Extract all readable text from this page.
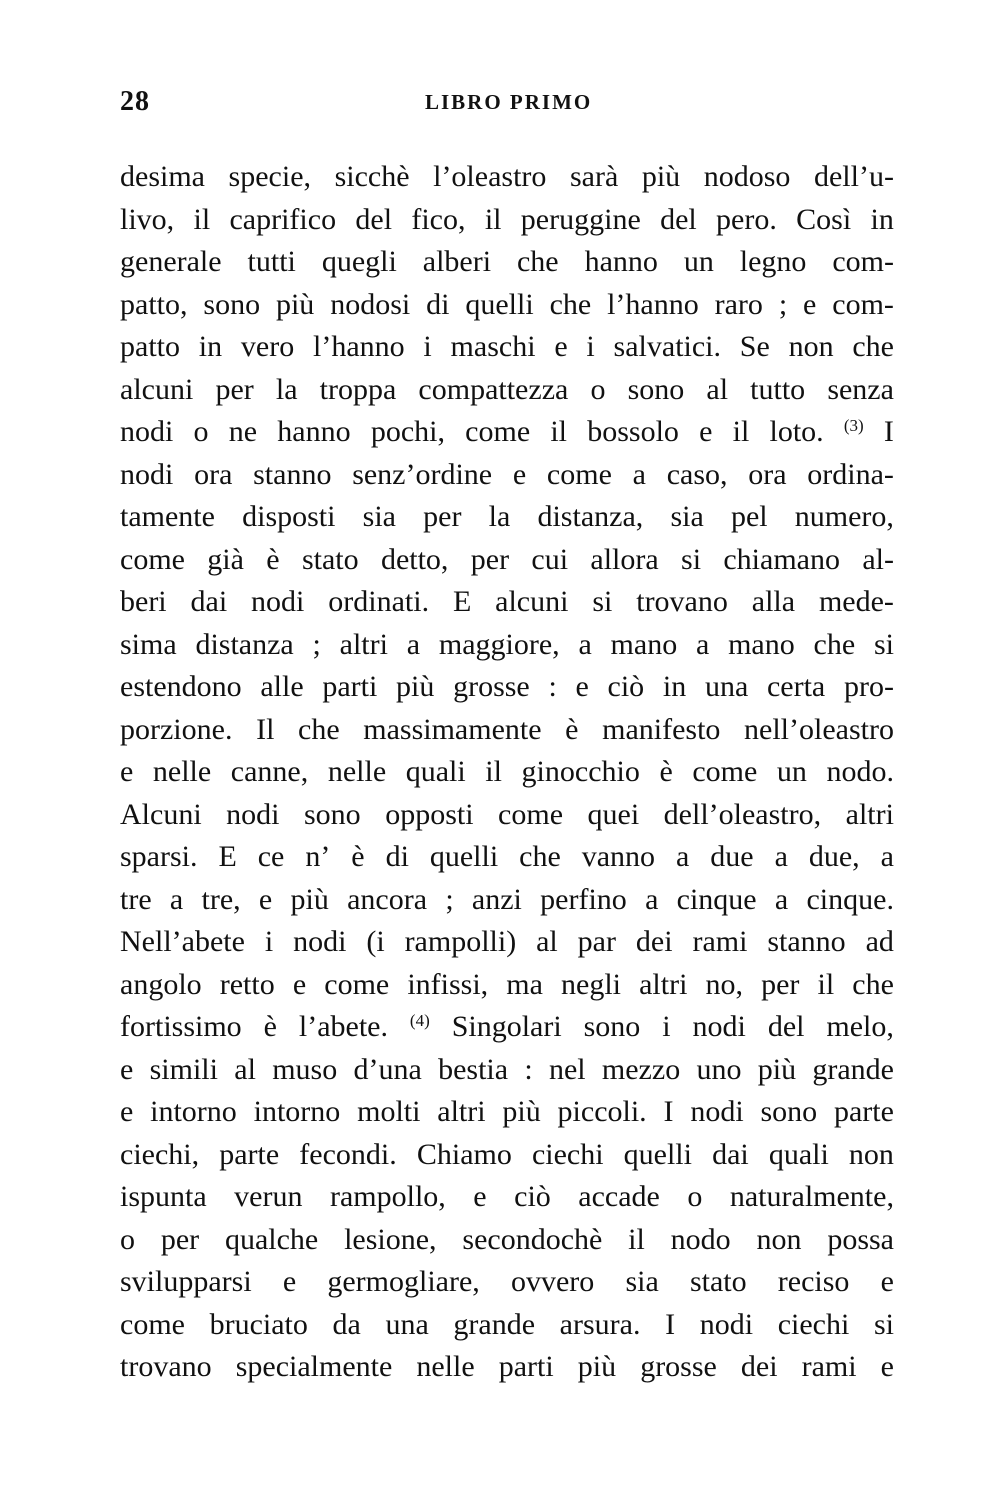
28	LIBRO PRIMO
desima specie, sicchè l’oleastro sarà più nodoso dell’u-
livo, il caprifico del fico, il peruggine del pero. Così in
generale tutti quegli alberi che hanno un legno com-
patto, sono più nodosi di quelli che l’hanno raro ; e com-
patto in vero l’hanno i maschi e i salvatici. Se non che
alcuni per la troppa compattezza o sono al tutto senza
nodi o ne hanno pochi, come il bossolo e il loto. $^{(3)}$ I
nodi ora stanno senz’ordine e come a caso, ora ordina-
tamente disposti sia per la distanza, sia pel numero,
come già è stato detto, per cui allora si chiamano al-
beri dai nodi ordinati. E alcuni si trovano alla mede-
sima distanza ; altri a maggiore, a mano a mano che si
estendono alle parti più grosse : e ciò in una certa pro-
porzione. Il che massimamente è manifesto nell’oleastro
e nelle canne, nelle quali il ginocchio è come un nodo.
Alcuni nodi sono opposti come quei dell’oleastro, altri
sparsi. E ce n’ è di quelli che vanno a due a due, a
tre a tre, e più ancora ; anzi perfino a cinque a cinque.
Nell’abete i nodi (i rampolli) al par dei rami stanno ad
angolo retto e come infissi, ma negli altri no, per il che
fortissimo è l’abete. $^{(4)}$ Singolari sono i nodi del melo,
e simili al muso d’una bestia : nel mezzo uno più grande
e intorno intorno molti altri più piccoli. I nodi sono parte
ciechi, parte fecondi. Chiamo ciechi quelli dai quali non
ispunta verun rampollo, e ciò accade o naturalmente,
o per qualche lesione, secondochè il nodo non possa
svilupparsi e germogliare, ovvero sia stato reciso e
come bruciato da una grande arsura. I nodi ciechi si
trovano specialmente nelle parti più grosse dei rami e
